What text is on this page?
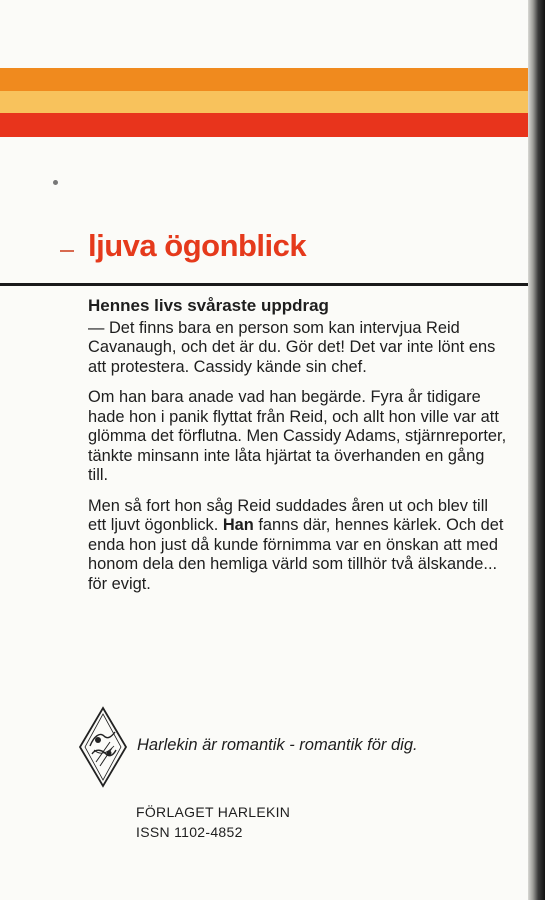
ljuva ögonblick
Hennes livs svåraste uppdrag

— Det finns bara en person som kan intervjua Reid Cavanaugh, och det är du. Gör det! Det var inte lönt ens att protestera. Cassidy kände sin chef.

Om han bara anade vad han begärde. Fyra år tidigare hade hon i panik flyttat från Reid, och allt hon ville var att glömma det förflutna. Men Cassidy Adams, stjärnreporter, tänkte minsann inte låta hjärtat ta överhanden en gång till.

Men så fort hon såg Reid suddades åren ut och blev till ett ljuvt ögonblick. Han fanns där, hennes kärlek. Och det enda hon just då kunde förnimma var en önskan att med honom dela den hemliga värld som tillhör två älskande... för evigt.

Harlekin är romantik - romantik för dig.
FÖRLAGET HARLEKIN
ISSN 1102-4852
